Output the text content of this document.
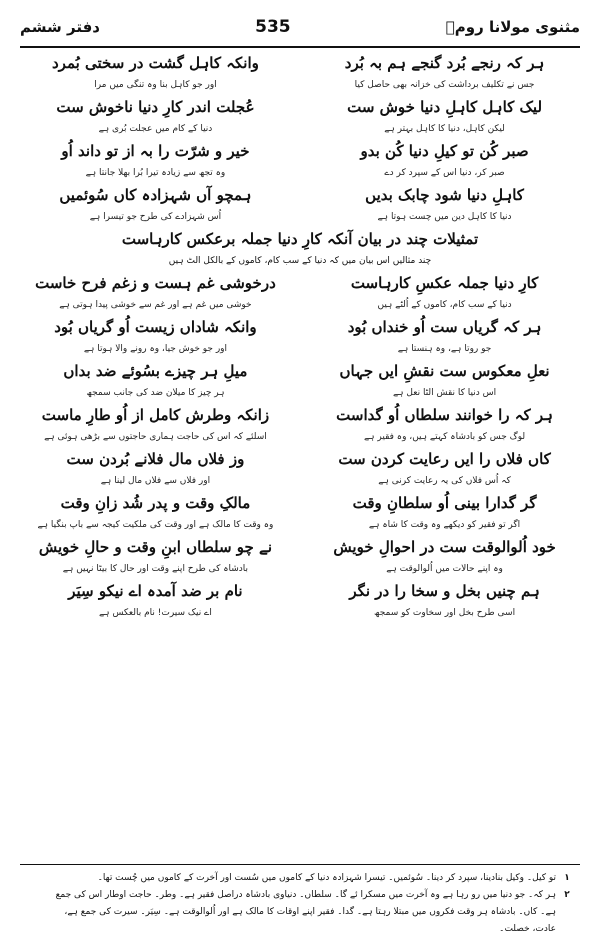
مثنوی مولانا رومؒ
535
دفتر ششم
ہر کہ رنجے بُرد گنجے ہم بہ بُرد
وانکہ کاہل گشت در سختی بُمرد
جس نے تکلیف برداشت کی خزانہ بھی حاصل کیا
اور جو کاہل بنا وہ تنگی میں مرا
لیک کاہل کاہلِ دنیا خوش ست
عُجلت اندر کارِ دنیا ناخوش ست
لیکن کاہل، دنیا کا کاہل بہتر ہے
دنیا کے کام میں عجلت بُری ہے
صبر کُن تو کیلِ دنیا کُن بدو
خیر و شرّت را بہ از تو داند اُو
صبر کر، دنیا اس کے سپرد کر دے
وہ تجھ سے زیادہ تیرا بُرا بھلا جانتا ہے
کاہلِ دنیا شود چابک بدیں
ہمچو آں شہزادہ کاں سُوئمیں
دنیا کا کاہل دین میں چست ہوتا ہے
اُس شہزادے کی طرح جو تیسرا ہے
تمثیلات چند در بیان آنکہ کارِ دنیا جملہ برعکس کارہاست
چند مثالیں اس بیان میں کہ دنیا کے سب کام، کاموں کے بالکل الٹ ہیں
کارِ دنیا جملہ عکسِ کارہاست
درخوشی غم ہست و زغم فرح خاست
دنیا کے سب کام، کاموں کے اُلٹے ہیں
خوشی میں غم ہے اور غم سے خوشی پیدا ہوتی ہے
ہر کہ گریاں ست اُو خنداں بُود
وانکہ شاداں زیست اُو گریاں بُود
جو روتا ہے، وہ ہنستا ہے
اور جو خوش جیا، وہ رونے والا ہوتا ہے
نعلِ معکوس ست نقشِ ایں جہاں
میلِ ہر چیزے بسُوئے ضد بداں
اس دنیا کا نقش الٹا نعل ہے
ہر چیز کا میلان ضد کی جانب سمجھ
ہر کہ را خوانند سلطاں اُو گداست
زانکہ وطرش کامل از اُو طارِ ماست
لوگ جس کو بادشاہ کہتے ہیں، وہ فقیر ہے
اسلئے کہ اس کی حاجت ہماری حاجتوں سے بڑھی ہوئی ہے
کاں فلاں را ایں رعایت کردن ست
وز فلاں مال فلانے بُردن ست
کہ اُس فلاں کی یہ رعایت کرنی ہے
اور فلاں سے فلاں مال لینا ہے
گر گدارا بینی اُو سلطانِ وقت
مالکِ وقت و پدر شُد زانِ وقت
اگر تو فقیر کو دیکھے وہ وقت کا شاہ ہے
وہ وقت کا مالک ہے اور وقت کی ملکیت کیجہ سے باپ بنگیا ہے
خود اُلوالوقت ست در احوالِ خویش
نے چو سلطاں ابنِ وقت و حالِ خویش
وہ اپنے حالات میں اُلوالوقت ہے
بادشاہ کی طرح اپنے وقت اور حال کا بیٹا نہیں ہے
ہم چنیں بخل و سخا را در نگر
نام بر ضد آمدہ اے نیکو سِیَر
اسی طرح بخل اور سخاوت کو سمجھ
اے نیک سیرت! نام بالعکس ہے
۱
تو کیل۔ وکیل بنادینا، سپرد کر دینا۔ سُوئمیں۔ تیسرا شہزادہ دنیا کے کاموں میں سُست اور آخرت کے کاموں میں چُست تھا۔
۲
ہر کہ۔ جو دنیا میں رو رہا ہے وہ آخرت میں مسکرا ئے گا۔ سلطاں۔ دنیاوی بادشاہ دراصل فقیر ہے۔ وطر۔ حاجت اوطار اس کی جمع
ہے۔ کاں۔ بادشاہ ہر وقت فکروں میں مبتلا رہتا ہے۔ گدا۔ فقیر اپنے اوقات کا مالک ہے اور اُلوالوقت ہے۔ سِیَر۔ سیرت کی جمع ہے،
عادت، خصلت۔
